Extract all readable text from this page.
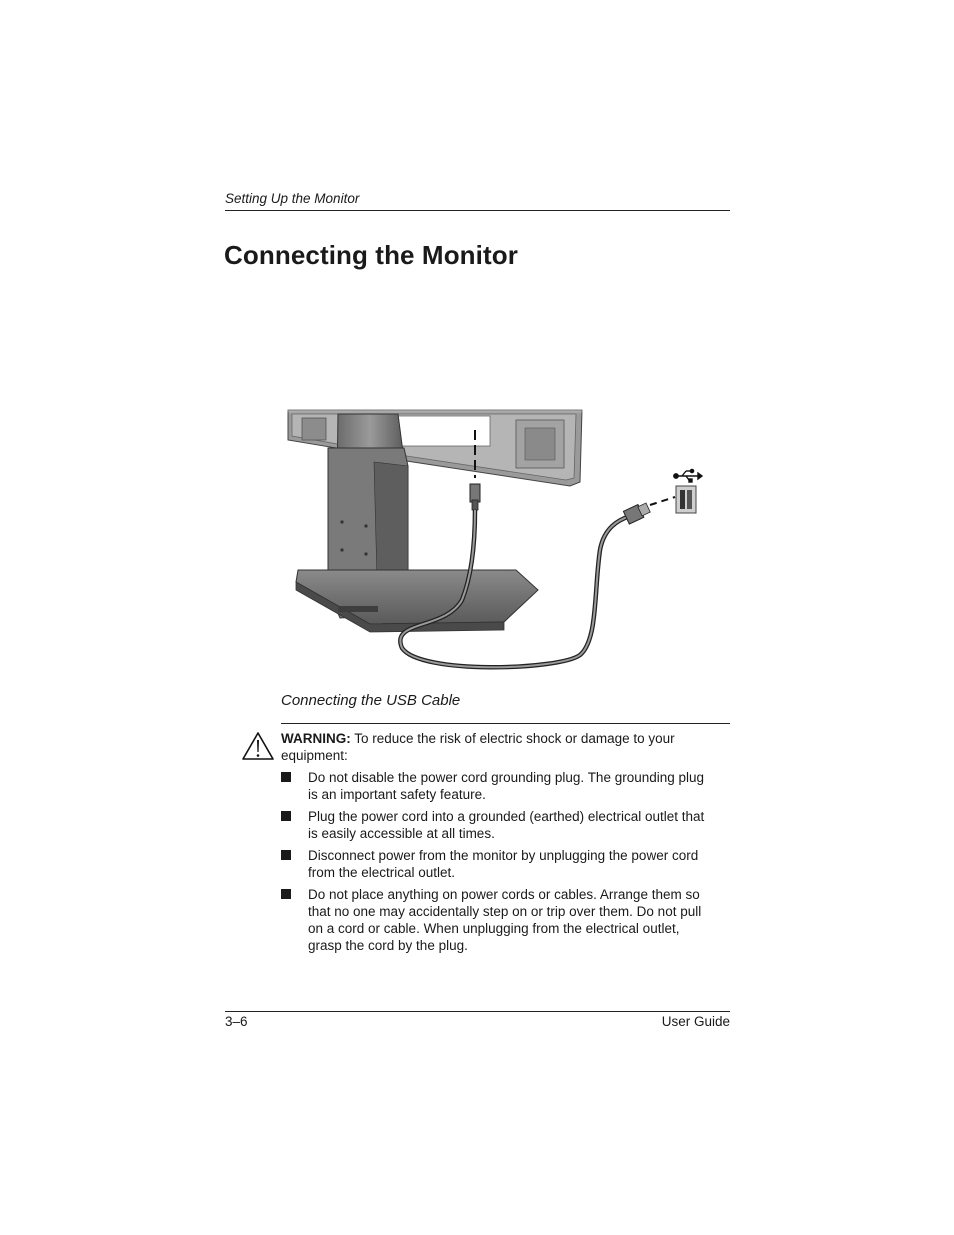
Setting Up the Monitor
Connecting the Monitor
Connecting the USB Cable
WARNING: To reduce the risk of electric shock or damage to your equipment:
Do not disable the power cord grounding plug. The grounding plug is an important safety feature.
Plug the power cord into a grounded (earthed) electrical outlet that is easily accessible at all times.
Disconnect power from the monitor by unplugging the power cord from the electrical outlet.
Do not place anything on power cords or cables. Arrange them so that no one may accidentally step on or trip over them. Do not pull on a cord or cable. When unplugging from the electrical outlet, grasp the cord by the plug.
3–6	User Guide
